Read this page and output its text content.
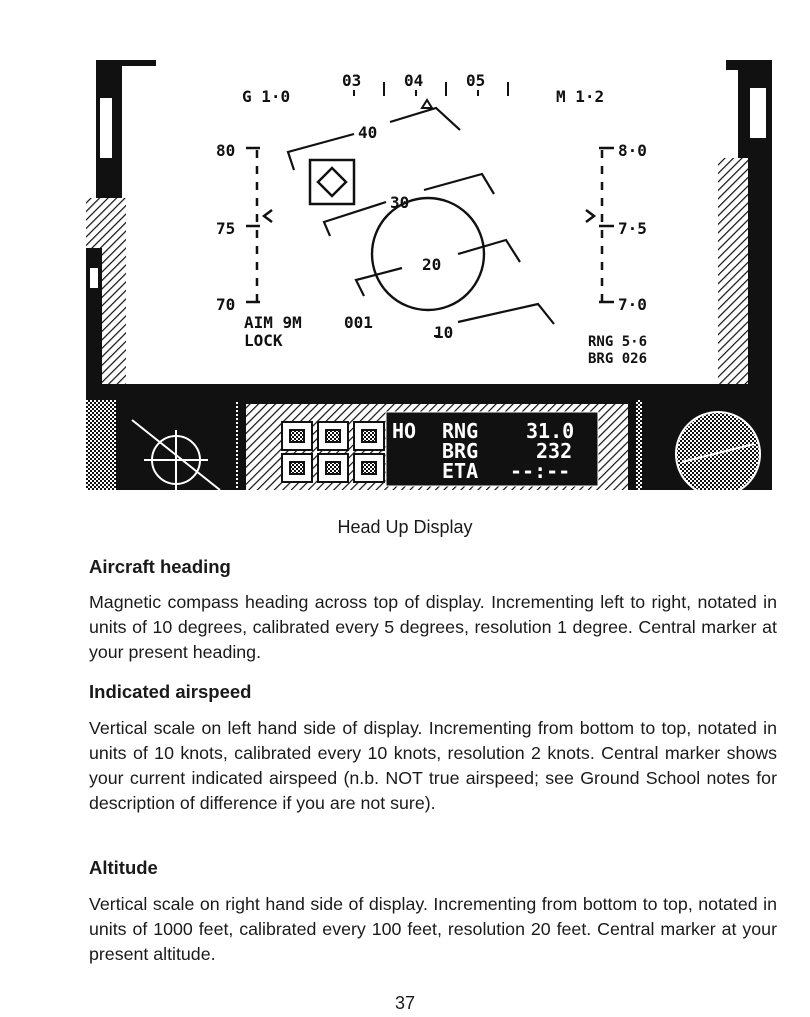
G 1·0
03	04	05
M 1·2
80
75
70
8·0
7·5
7·0
40
30
20
10
AIM 9M
LOCK
001
RNG 5·6
BRG 026
HO RNG 31.0
BRG	232
ETA --:--
Head Up Display
Aircraft heading
Magnetic compass heading across top of display. Incrementing left to right, notated in units of 10 degrees, calibrated every 5 degrees, resolution 1 degree. Central marker at your present heading.
Indicated airspeed
Vertical scale on left hand side of display. Incrementing from bottom to top, notated in units of 10 knots, calibrated every 10 knots, resolution 2 knots. Central marker shows your current indicated airspeed (n.b. NOT true airspeed; see Ground School notes for description of difference if you are not sure).
Altitude
Vertical scale on right hand side of display. Incrementing from bottom to top, notated in units of 1000 feet, calibrated every 100 feet, resolution 20 feet. Central marker at your present altitude.
37
